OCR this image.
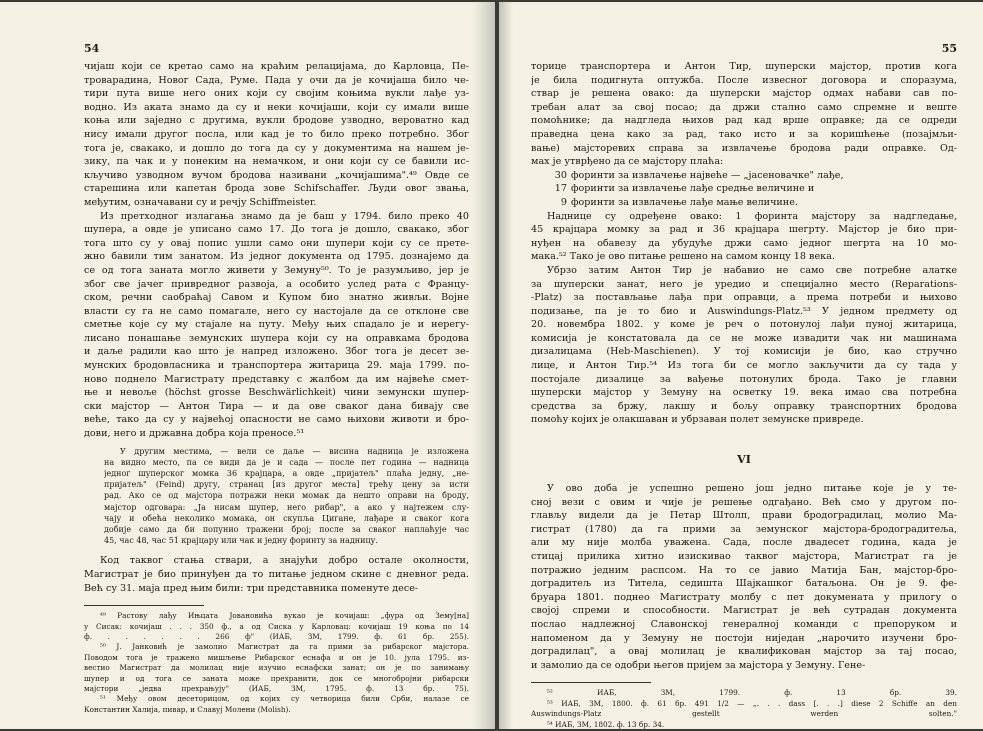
54
чијаш који се кретао само на краћим релацијама, до Карловца, Пе-
троварадина, Новог Сада, Руме. Пада у очи да је кочијаша било че-
тири пута више него оних који су својим коњима вукли лађе уз-
водно. Из аката знамо да су и неки кочијаши, који су имали више
коња или заједно с другима, вукли бродове узводно, вероватно кад
нису имали другог посла, или кад је то било преко потребно. Због
тога је, свакако, и дошло до тога да су у документима на нашем је-
зику, па чак и у понеким на немачком, и они који су се бавили ис-
кључиво узводном вучом бродова називани „кочијашима".⁴⁹ Овде се
старешина или капетан брода зове Schifschaffer. Људи овог звања,
међутим, означавани су и речју Schiffmeister.
Из претходног излагања знамо да је баш у 1794. било преко 40
шупера, а овде је уписано само 17. До тога је дошло, свакако, због
тога што су у овај попис ушли само они шупери који су се прете-
жно бавили тим занатом. Из једног документа од 1795. дознајемо да
се од тога заната могло живети у Земуну⁵⁰. То је разумљиво, јер је
због све јачег привредног развоја, а особито услед рата с Францу-
ском, речни саобраћај Савом и Купом био знатно живљи. Војне
власти су га не само помагале, него су настојале да се отклоне све
сметње које су му стајале на путу. Међу њих спадало је и нерегу-
лисано понашање земунских шупера који су на оправкама бродова
и даље радили као што је напред изложено. Због тога је десет зе-
мунских бродовласника и транспортера житарица 29. маја 1799. по-
ново поднело Магистрату представку с жалбом да им највеће смет-
ње и невоље (höchst grosse Beschwärlichkeit) чини земунски шупер-
ски мајстор — Антон Тира — и да ове сваког дана бивају све
веће, тако да су у највећој опасности не само њихови животи и бро-
дови, него и државна добра која преносе.⁵¹
У другим местима, — вели се даље — висина надница је изложена
на видно место, па се види да је и сада — после пет година — надница
једног шуперског момка 36 крајцара, а овде „пријатељ" плаћа једну, „не-
пријатељ" (Feind) другу, странац [из другог места] трећу цену за исти
рад. Ако се од мајстора потражи неки момак да нешто оправи на броду,
мајстор одговара: „Ја нисам шупер, него рибар", а ако у најтежем слу-
чају и обећа неколико момака, он скупља Цигане, лађаре и сваког кога
добије само да би попунио тражени број; после за сваког наплаћује час
45, час 48, час 51 крајцару или чак и једну форинту за надницу.
Код таквог стања ствари, а знајући добро остале околности,
Магистрат је био принуђен да то питање једном скине с дневног реда.
Већ су 31. маја пред њим били: три представника поменуте десе-
⁴⁹ Растову лађу Ињцата Јовановића вукао је кочијаш: „фура од Зему[на]
у Сисак: кочијаш . . . 350 ф., а од Сиска у Карловац: кочијаш 19 коња по 14
ф. . . . . . . 266 ф" (ИАБ, ЗМ, 1799. ф. 61 бр. 255).
⁵⁰ Ј. Јанковић је замолио Магистрат да га прими за рибарског мајстора.
Поводом тога је тражено мишљење Рибарског еснафа и он је 10. јула 1795. из-
вестио Магистрат да молилац није изучио еснафски занат; он је по занимању
шупер и од тога се заната може прехранити, док се многобројни рибарски
мајстори „једва прехрањују" (ИАБ, ЗМ, 1795. ф. 13 бр. 75).
⁵¹ Међу овом десеторицом, од којих су четворица били Срби, налазе се
Константин Халија, пивар, и Славуј Молени (Molish).
55
торице транспортера и Антон Тир, шуперски мајстор, против кога
је била подигнута оптужба. После извесног договора и споразума,
ствар је решена овако: да шуперски мајстор одмах набави сав по-
требан алат за свој посао; да држи стално само спремне и веште
помоћнике; да надгледа њихов рад кад врше оправке; да се одреди
праведна цена како за рад, тако исто и за коришћење (позајмљи-
вање) мајсторевих справа за извлачење бродова ради оправке. Од-
мах је утврђено да се мајстору плаћа:
30 форинти за извлачење највеће — „јасеновачке" лађе,
17 форинти за извлачење лађе средње величине и
9 форинти за извлачење лађе мање величине.
Наднице су одређене овако: 1 форинта мајстору за надгледање,
45 крајцара момку за рад и 36 крајцара шегрту. Мајстор је био при-
нуђен на обавезу да убудуће држи само једног шегрта на 10 мо-
мака.⁵² Тако је ово питање решено на самом концу 18 века.
Убрзо затим Антон Тир је набавио не само све потребне алатке
за шуперски занат, него је уредио и специјално место (Reparations-
-Platz) за постављање лађа при оправци, а према потреби и њихово
подизање, па је то био и Auswindungs-Platz.⁵³ У једном предмету од
20. новембра 1802. у коме је реч о потонулој лађи пуној житарица,
комисија је констатовала да се не може извадити чак ни машинама
дизалицама (Heb-Maschienen). У тој комисији је био, као стручно
лице, и Антон Тир.⁵⁴ Из тога би се могло закључити да су тада у
постојале дизалице за вађење потонулих брода. Тако је главни
шуперски мајстор у Земуну на осветку 19. века имао сва потребна
средства за бржу, лакшу и бољу оправку транспортних бродова
помоћу којих је олакшаван и убрзаван полет земунске привреде.
VI
У ово доба је успешно решено још једно питање које је у те-
сној вези с овим и чије је решење одгађано. Већ смо у другом по-
глављу видели да је Петар Штолп, прави бродоградилац, молио Ма-
гистрат (1780) да га прими за земунског мајстора-бродоградитеља,
али му није молба уважена. Сада, после двадесет година, када је
стицај прилика хитно изискивао таквог мајстора, Магистрат га је
потражио једним распсом. На то се јавио Матија Бан, мајстор-бро-
доградитељ из Титела, седишта Шајкашког батаљона. Он је 9. фе-
бруара 1801. поднео Магистрату молбу с пет докумената у прилогу о
својој спреми и способности. Магистрат је већ сутрадан документа
послао надлежној Славонској генералној команди с препоруком и
напоменом да у Земуну не постоји ниједан „нарочито изучени бро-
доградилац", а овај молилац је квалификован мајстор за тај посао,
и замолио да се одобри његов пријем за мајстора у Земуну. Гене-
⁵² ИАБ, ЗМ, 1799. ф. 13 бр. 39.
⁵³ ИАБ, ЗМ, 1800. ф. 61 бр. 491 1/2 — „. . . dass [. . .] diese 2 Schiffe an den
Auswindungs-Platz gestellt werden solten."
⁵⁴ ИАБ, ЗМ, 1802. ф. 13 бр. 34.
